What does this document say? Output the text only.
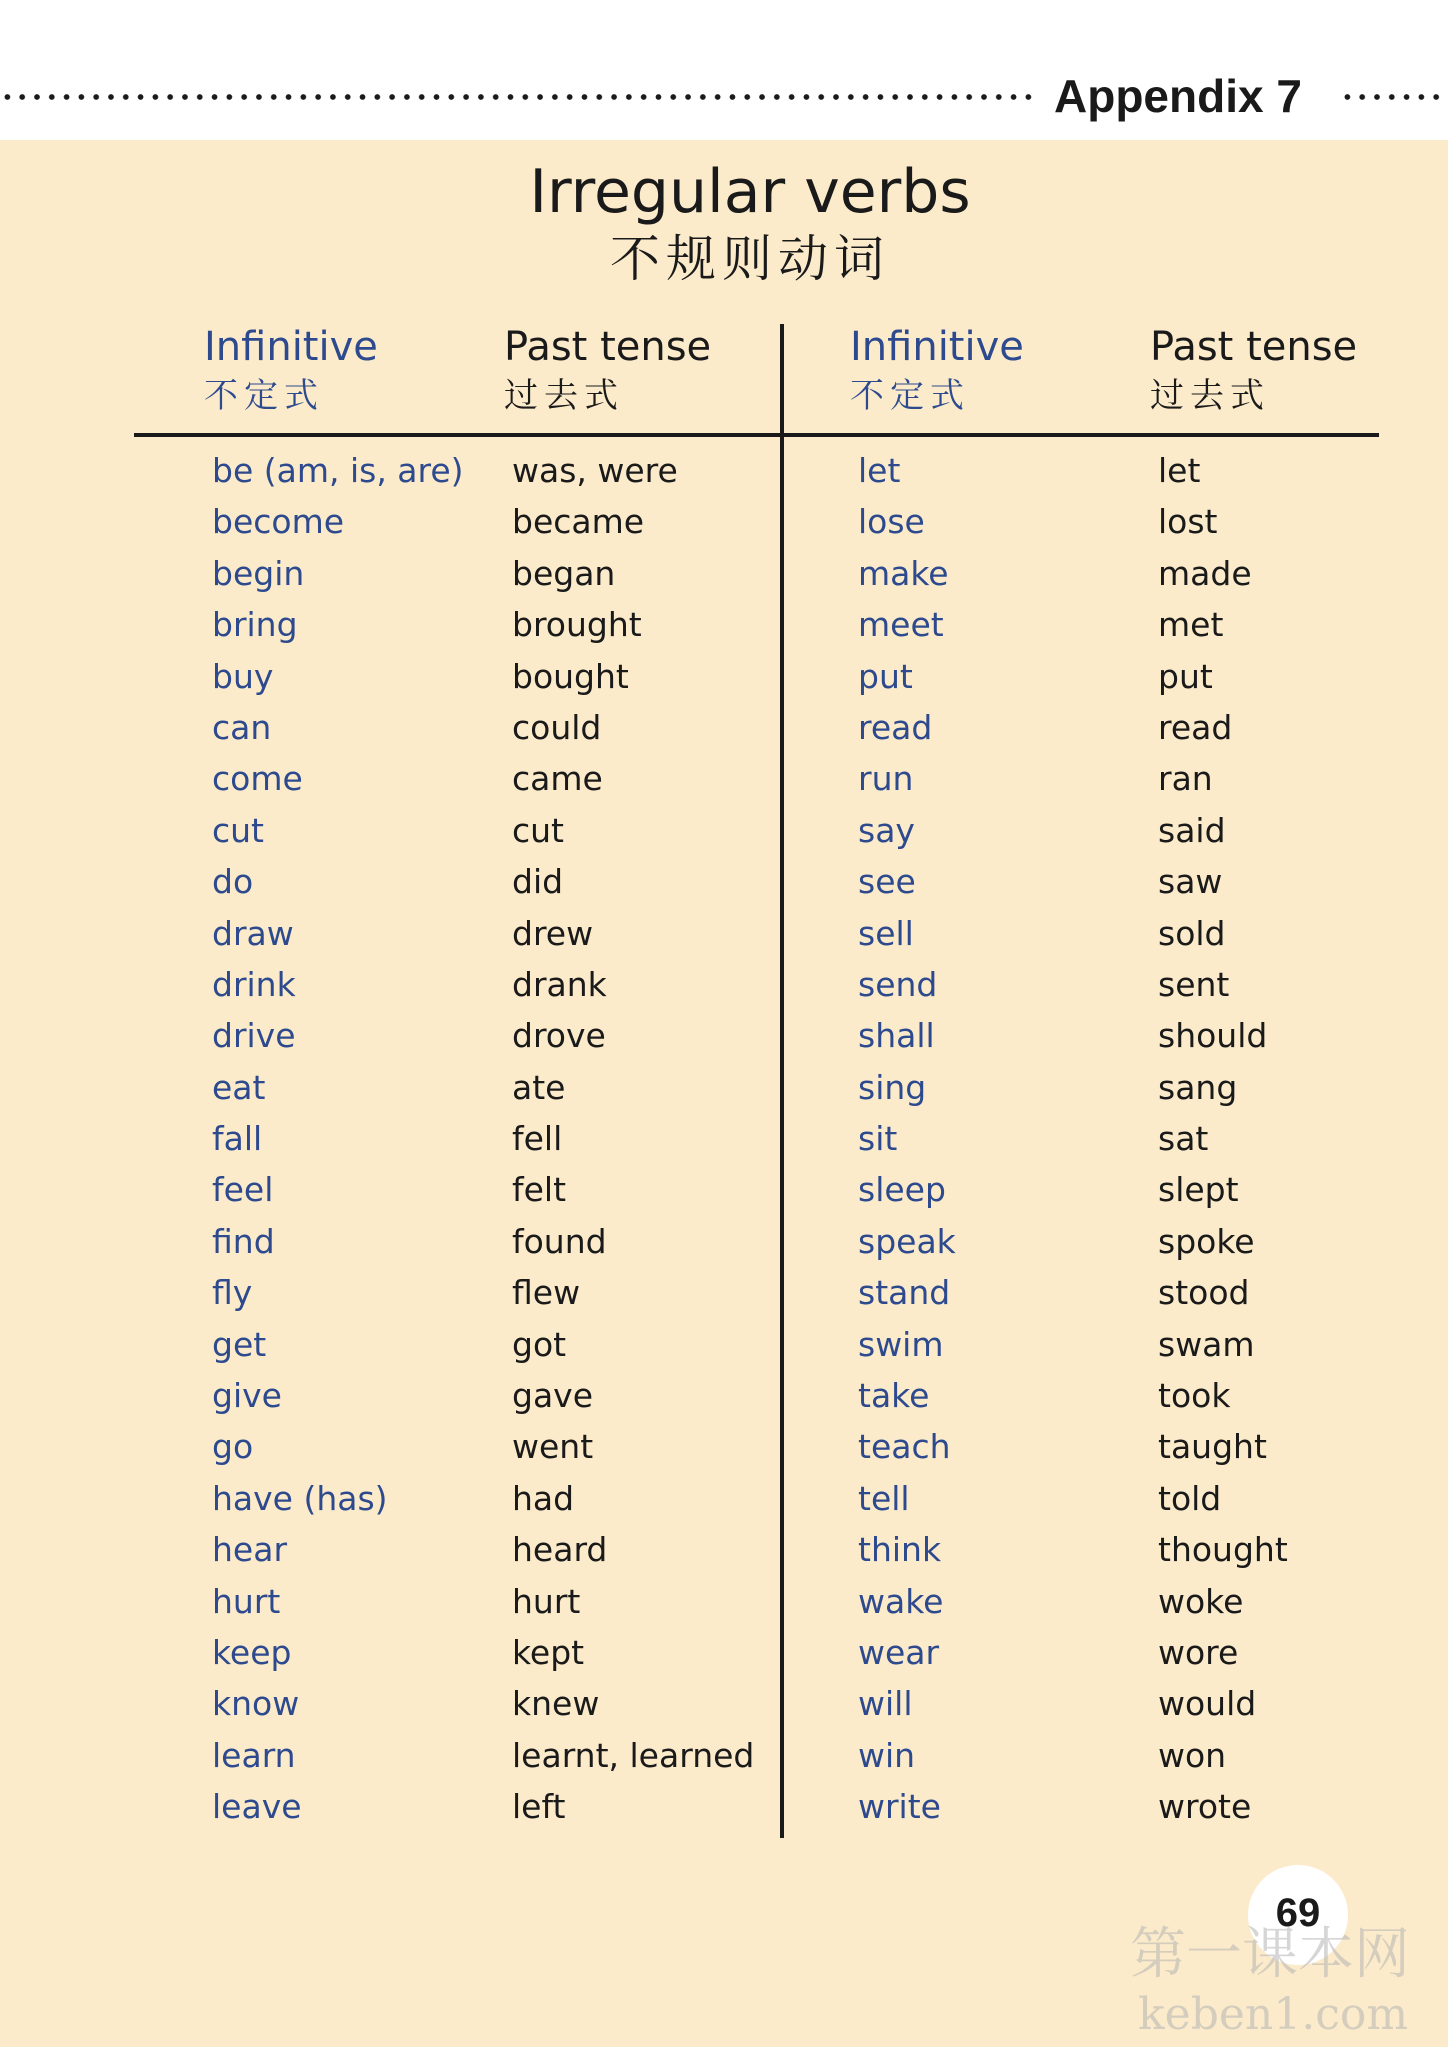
Appendix 7
Irregular verbs
不规则动词
Infinitive
不定式
Past tense
过去式
Infinitive
不定式
Past tense
过去式
be (am, is, are)
become
begin
bring
buy
can
come
cut
do
draw
drink
drive
eat
fall
feel
find
fly
get
give
go
have (has)
hear
hurt
keep
know
learn
leave
was, were
became
began
brought
bought
could
came
cut
did
drew
drank
drove
ate
fell
felt
found
flew
got
gave
went
had
heard
hurt
kept
knew
learnt, learned
left
let
lose
make
meet
put
read
run
say
see
sell
send
shall
sing
sit
sleep
speak
stand
swim
take
teach
tell
think
wake
wear
will
win
write
let
lost
made
met
put
read
ran
said
saw
sold
sent
should
sang
sat
slept
spoke
stood
swam
took
taught
told
thought
woke
wore
would
won
wrote
69
第一课本网
keben1.com
